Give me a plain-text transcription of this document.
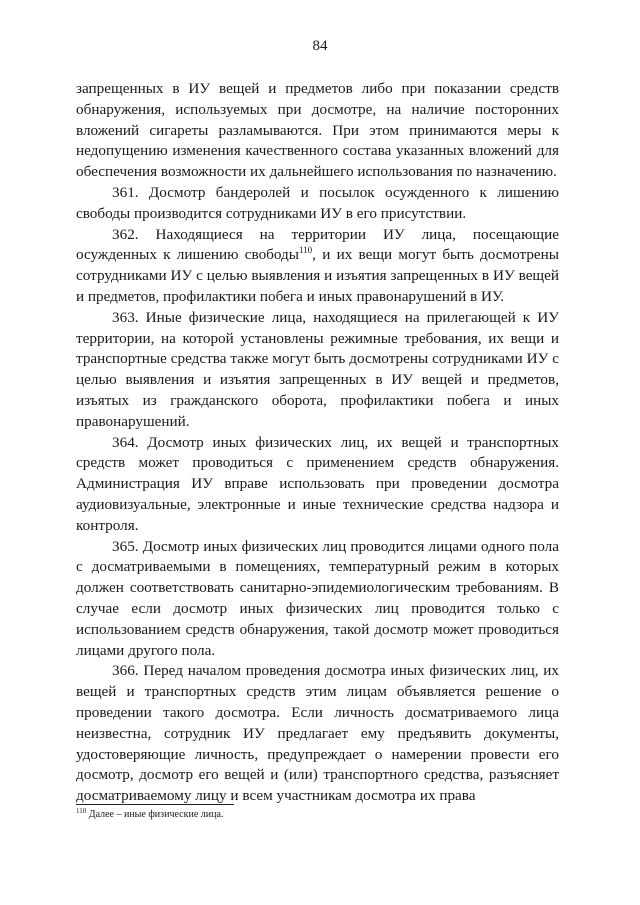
84

запрещенных в ИУ вещей и предметов либо при показании средств обнаружения, используемых при досмотре, на наличие посторонних вложений сигареты разламываются. При этом принимаются меры к недопущению изменения качественного состава указанных вложений для обеспечения возможности их дальнейшего использования по назначению.

361. Досмотр бандеролей и посылок осужденного к лишению свободы производится сотрудниками ИУ в его присутствии.

362. Находящиеся на территории ИУ лица, посещающие осужденных к лишению свободы$^{110}$, и их вещи могут быть досмотрены сотрудниками ИУ с целью выявления и изъятия запрещенных в ИУ вещей и предметов, профилактики побега и иных правонарушений в ИУ.

363. Иные физические лица, находящиеся на прилегающей к ИУ территории, на которой установлены режимные требования, их вещи и транспортные средства также могут быть досмотрены сотрудниками ИУ с целью выявления и изъятия запрещенных в ИУ вещей и предметов, изъятых из гражданского оборота, профилактики побега и иных правонарушений.

364. Досмотр иных физических лиц, их вещей и транспортных средств может проводиться с применением средств обнаружения. Администрация ИУ вправе использовать при проведении досмотра аудиовизуальные, электронные и иные технические средства надзора и контроля.

365. Досмотр иных физических лиц проводится лицами одного пола с досматриваемыми в помещениях, температурный режим в которых должен соответствовать санитарно-эпидемиологическим требованиям. В случае если досмотр иных физических лиц проводится только с использованием средств обнаружения, такой досмотр может проводиться лицами другого пола.

366. Перед началом проведения досмотра иных физических лиц, их вещей и транспортных средств этим лицам объявляется решение о проведении такого досмотра. Если личность досматриваемого лица неизвестна, сотрудник ИУ предлагает ему предъявить документы, удостоверяющие личность, предупреждает о намерении провести его досмотр, досмотр его вещей и (или) транспортного средства, разъясняет досматриваемому лицу и всем участникам досмотра их права

$^{110}$ Далее – иные физические лица.
